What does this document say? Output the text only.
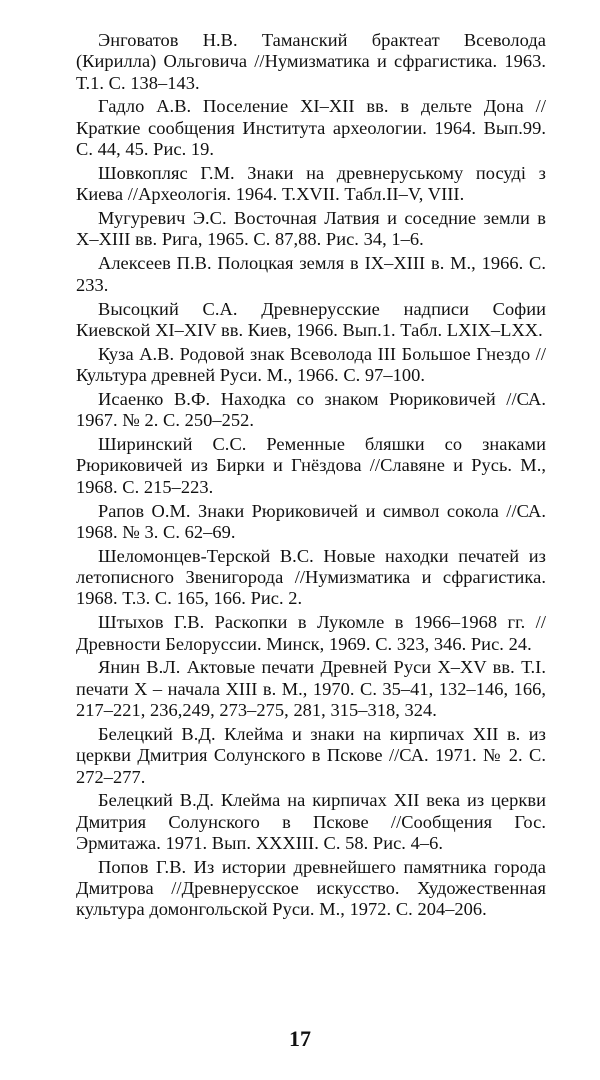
Энговатов Н.В. Таманский брактеат Всеволода (Кирилла) Ольговича //Нумизматика и сфрагистика. 1963. Т.1. С. 138–143.
Гадло А.В. Поселение XI–XII вв. в дельте Дона //Краткие сообщения Института археологии. 1964. Вып.99. С. 44, 45. Рис. 19.
Шовкопляс Г.М. Знаки на древнеруському посуді з Киева //Археологія. 1964. Т.XVII. Табл.II–V, VIII.
Мугуревич Э.С. Восточная Латвия и соседние земли в X–XIII вв. Рига, 1965. С. 87,88. Рис. 34, 1–6.
Алексеев П.В. Полоцкая земля в IX–XIII в. М., 1966. С. 233.
Высоцкий С.А. Древнерусские надписи Софии Киевской XI–XIV вв. Киев, 1966. Вып.1. Табл. LXIX–LXX.
Куза А.В. Родовой знак Всеволода III Большое Гнездо //Культура древней Руси. М., 1966. С. 97–100.
Исаенко В.Ф. Находка со знаком Рюриковичей //СА. 1967. № 2. С. 250–252.
Ширинский С.С. Ременные бляшки со знаками Рюриковичей из Бирки и Гнёздова //Славяне и Русь. М., 1968. С. 215–223.
Рапов О.М. Знаки Рюриковичей и символ сокола //СА. 1968. № 3. С. 62–69.
Шеломонцев-Терской В.С. Новые находки печатей из летописного Звенигорода //Нумизматика и сфрагистика. 1968. Т.3. С. 165, 166. Рис. 2.
Штыхов Г.В. Раскопки в Лукомле в 1966–1968 гг. //Древности Белоруссии. Минск, 1969. С. 323, 346. Рис. 24.
Янин В.Л. Актовые печати Древней Руси X–XV вв. Т.I. печати X – начала XIII в. М., 1970. С. 35–41, 132–146, 166, 217–221, 236,249, 273–275, 281, 315–318, 324.
Белецкий В.Д. Клейма и знаки на кирпичах XII в. из церкви Дмитрия Солунского в Пскове //СА. 1971. № 2. С. 272–277.
Белецкий В.Д. Клейма на кирпичах XII века из церкви Дмитрия Солунского в Пскове //Сообщения Гос. Эрмитажа. 1971. Вып. XXXIII. С. 58. Рис. 4–6.
Попов Г.В. Из истории древнейшего памятника города Дмитрова //Древнерусское искусство. Художественная культура домонгольской Руси. М., 1972. С. 204–206.
17
